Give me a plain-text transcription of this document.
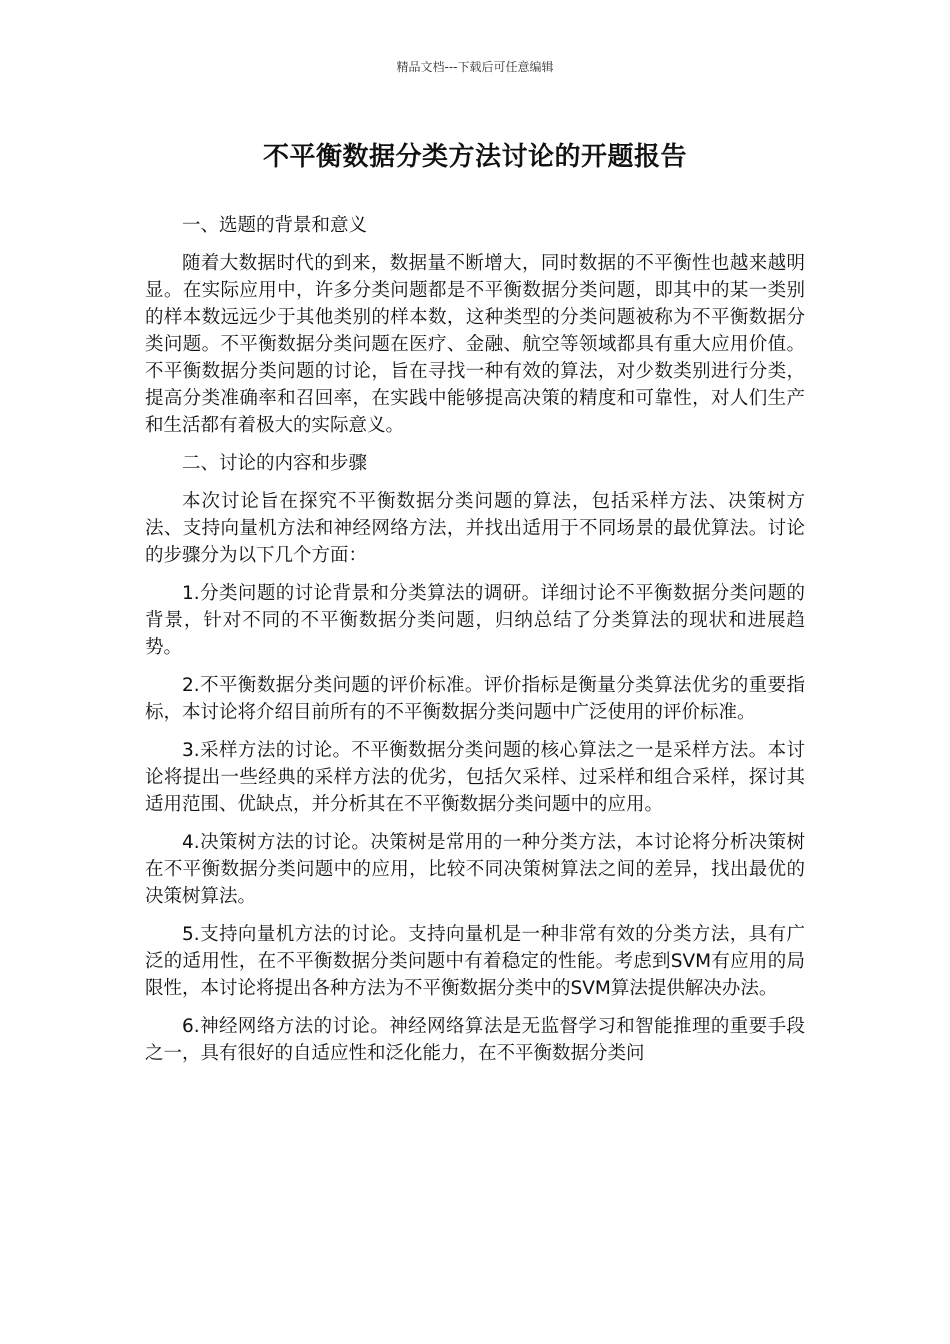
精品文档---下载后可任意编辑
不平衡数据分类方法讨论的开题报告
一、选题的背景和意义

随着大数据时代的到来，数据量不断增大，同时数据的不平衡性也越来越明显。在实际应用中，许多分类问题都是不平衡数据分类问题，即其中的某一类别的样本数远远少于其他类别的样本数，这种类型的分类问题被称为不平衡数据分类问题。不平衡数据分类问题在医疗、金融、航空等领域都具有重大应用价值。不平衡数据分类问题的讨论，旨在寻找一种有效的算法，对少数类别进行分类，提高分类准确率和召回率，在实践中能够提高决策的精度和可靠性，对人们生产和生活都有着极大的实际意义。

二、讨论的内容和步骤

本次讨论旨在探究不平衡数据分类问题的算法，包括采样方法、决策树方法、支持向量机方法和神经网络方法，并找出适用于不同场景的最优算法。讨论的步骤分为以下几个方面：

1.分类问题的讨论背景和分类算法的调研。详细讨论不平衡数据分类问题的背景，针对不同的不平衡数据分类问题，归纳总结了分类算法的现状和进展趋势。

2.不平衡数据分类问题的评价标准。评价指标是衡量分类算法优劣的重要指标，本讨论将介绍目前所有的不平衡数据分类问题中广泛使用的评价标准。

3.采样方法的讨论。不平衡数据分类问题的核心算法之一是采样方法。本讨论将提出一些经典的采样方法的优劣，包括欠采样、过采样和组合采样，探讨其适用范围、优缺点，并分析其在不平衡数据分类问题中的应用。

4.决策树方法的讨论。决策树是常用的一种分类方法，本讨论将分析决策树在不平衡数据分类问题中的应用，比较不同决策树算法之间的差异，找出最优的决策树算法。

5.支持向量机方法的讨论。支持向量机是一种非常有效的分类方法，具有广泛的适用性，在不平衡数据分类问题中有着稳定的性能。考虑到SVM有应用的局限性，本讨论将提出各种方法为不平衡数据分类中的SVM算法提供解决办法。

6.神经网络方法的讨论。神经网络算法是无监督学习和智能推理的重要手段之一，具有很好的自适应性和泛化能力，在不平衡数据分类问
